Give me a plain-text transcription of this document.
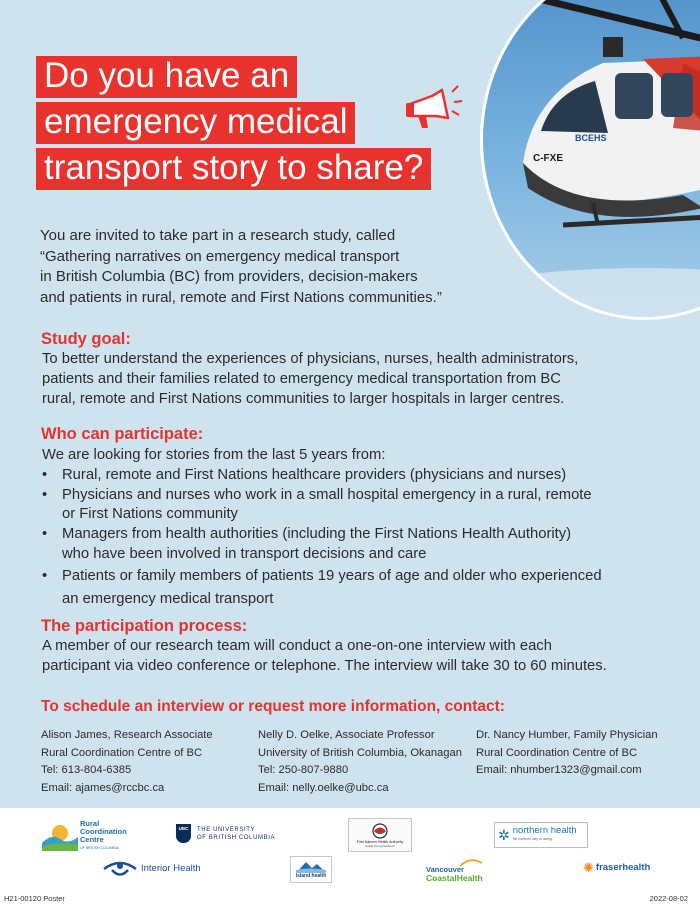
BCEHS
C-FXE
Do you have an
emergency medical
transport story to share?
You are invited to take part in a research study, called
“Gathering narratives on emergency medical transport
in British Columbia (BC) from providers, decision-makers
and patients in rural, remote and First Nations communities.”
Study goal:
To better understand the experiences of physicians, nurses, health administrators,
patients and their families related to emergency medical transportation from BC
rural, remote and First Nations communities to larger hospitals in larger centres.
Who can participate:
We are looking for stories from the last 5 years from:
• Rural, remote and First Nations healthcare providers (physicians and nurses)
• Physicians and nurses who work in a small hospital emergency in a rural, remote
or First Nations community
• Managers from health authorities (including the First Nations Health Authority)
who have been involved in transport decisions and care
• Patients or family members of patients 19 years of age and older who experienced
an emergency medical transport
The participation process:
A member of our research team will conduct a one-on-one interview with each
participant via video conference or telephone. The interview will take 30 to 60 minutes.
To schedule an interview or request more information, contact:
Alison James, Research Associate
Rural Coordination Centre of BC
Tel: 613-804-6385
Email: ajames@rccbc.ca
Nelly D. Oelke, Associate Professor
University of British Columbia, Okanagan
Tel: 250-807-9880
Email: nelly.oelke@ubc.ca
Dr. Nancy Humber, Family Physician
Rural Coordination Centre of BC
Email: nhumber1323@gmail.com
Rural
Coordination
Centre
OF BRITISH COLUMBIA
UBC THE UNIVERSITY
OF BRITISH COLUMBIA
First Nations Health Authority
Health through wellness
✲ northern health
the northern way of caring
Interior Health
island health
Vancouver
CoastalHealth
✺ fraserhealth
H21-00120 Poster	2022-08-02
